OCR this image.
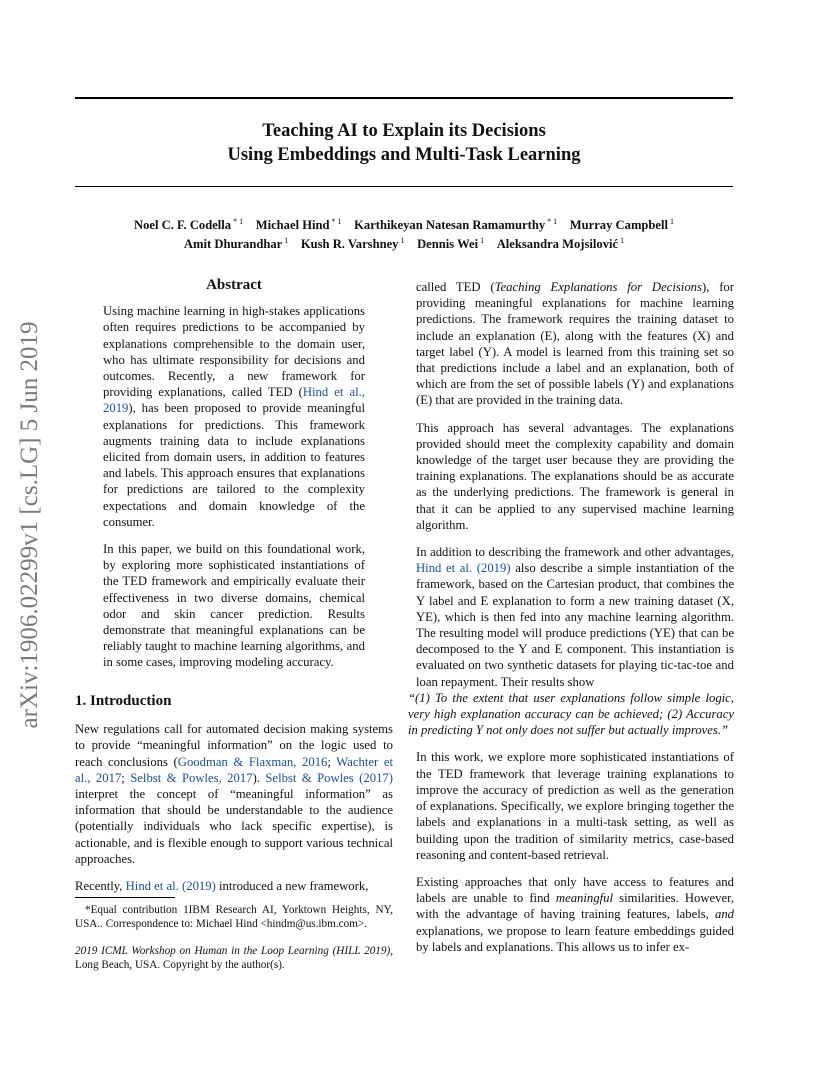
Teaching AI to Explain its Decisions
Using Embeddings and Multi-Task Learning
Noel C. F. Codella $^{* 1}$  Michael Hind $^{* 1}$  Karthikeyan Natesan Ramamurthy $^{* 1}$  Murray Campbell $^1$
Amit Dhurandhar $^1$  Kush R. Varshney $^1$  Dennis Wei $^1$  Aleksandra Mojsilović $^1$
arXiv:1906.02299v1 [cs.LG] 5 Jun 2019

Abstract

Using machine learning in high-stakes applications often requires predictions to be accompanied by explanations comprehensible to the domain user, who has ultimate responsibility for decisions and outcomes. Recently, a new framework for providing explanations, called TED (Hind et al., 2019), has been proposed to provide meaningful explanations for predictions. This framework augments training data to include explanations elicited from domain users, in addition to features and labels. This approach ensures that explanations for predictions are tailored to the complexity expectations and domain knowledge of the consumer.

In this paper, we build on this foundational work, by exploring more sophisticated instantiations of the TED framework and empirically evaluate their effectiveness in two diverse domains, chemical odor and skin cancer prediction. Results demonstrate that meaningful explanations can be reliably taught to machine learning algorithms, and in some cases, improving modeling accuracy.

1. Introduction

New regulations call for automated decision making systems to provide “meaningful information” on the logic used to reach conclusions (Goodman & Flaxman, 2016; Wachter et al., 2017; Selbst & Powles, 2017). Selbst & Powles (2017) interpret the concept of “meaningful information” as information that should be understandable to the audience (potentially individuals who lack specific expertise), is actionable, and is flexible enough to support various technical approaches.

Recently, Hind et al. (2019) introduced a new framework,

*Equal contribution 1IBM Research AI, Yorktown Heights, NY, USA.. Correspondence to: Michael Hind <hindm@us.ibm.com>.

2019 ICML Workshop on Human in the Loop Learning (HILL 2019), Long Beach, USA. Copyright by the author(s).

called TED (Teaching Explanations for Decisions), for providing meaningful explanations for machine learning predictions. The framework requires the training dataset to include an explanation (E), along with the features (X) and target label (Y). A model is learned from this training set so that predictions include a label and an explanation, both of which are from the set of possible labels (Y) and explanations (E) that are provided in the training data.

This approach has several advantages. The explanations provided should meet the complexity capability and domain knowledge of the target user because they are providing the training explanations. The explanations should be as accurate as the underlying predictions. The framework is general in that it can be applied to any supervised machine learning algorithm.

In addition to describing the framework and other advantages, Hind et al. (2019) also describe a simple instantiation of the framework, based on the Cartesian product, that combines the Y label and E explanation to form a new training dataset (X, YE), which is then fed into any machine learning algorithm. The resulting model will produce predictions (YE) that can be decomposed to the Y and E component. This instantiation is evaluated on two synthetic datasets for playing tic-tac-toe and loan repayment. Their results show

“(1) To the extent that user explanations follow simple logic, very high explanation accuracy can be achieved; (2) Accuracy in predicting Y not only does not suffer but actually improves.”

In this work, we explore more sophisticated instantiations of the TED framework that leverage training explanations to improve the accuracy of prediction as well as the generation of explanations. Specifically, we explore bringing together the labels and explanations in a multi-task setting, as well as building upon the tradition of similarity metrics, case-based reasoning and content-based retrieval.

Existing approaches that only have access to features and labels are unable to find meaningful similarities. However, with the advantage of having training features, labels, and explanations, we propose to learn feature embeddings guided by labels and explanations. This allows us to infer ex-
